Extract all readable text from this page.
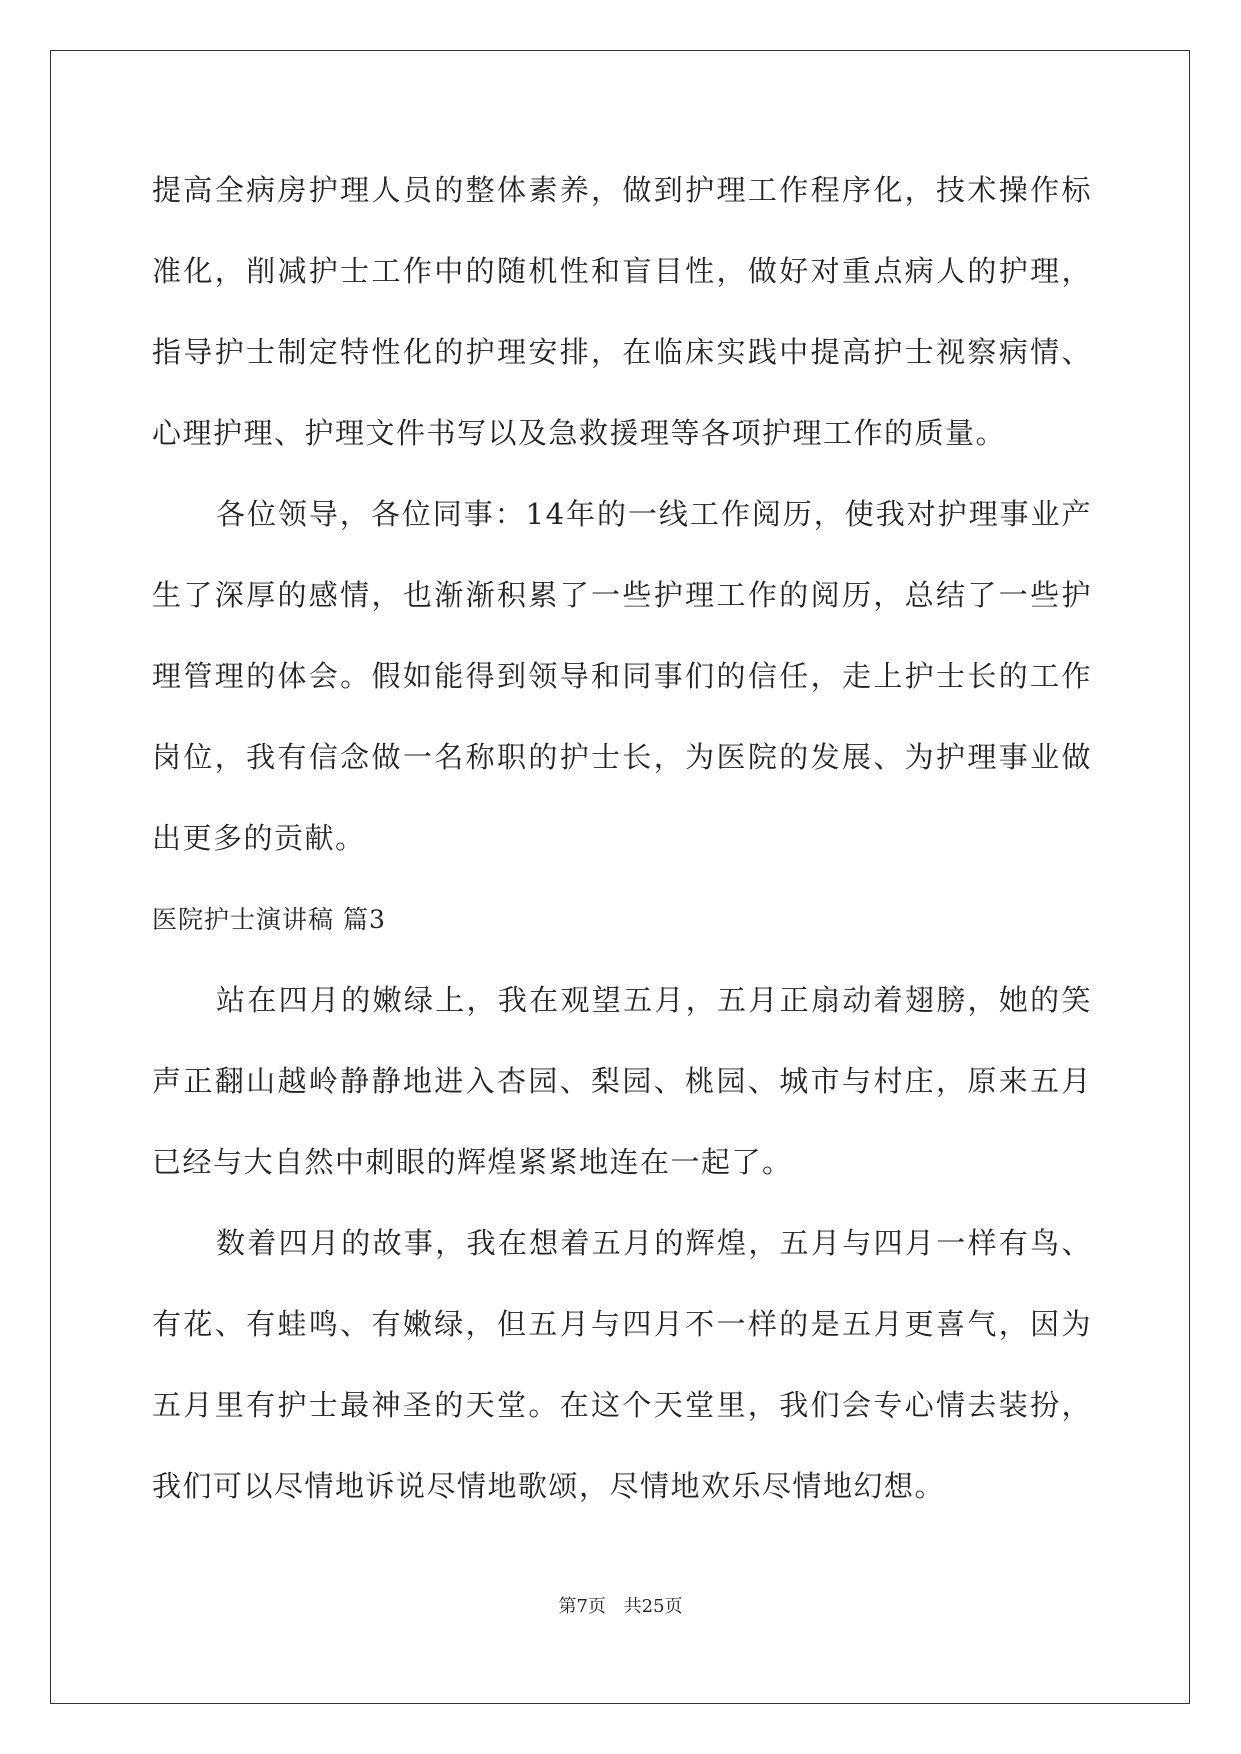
提高全病房护理人员的整体素养，做到护理工作程序化，技术操作标准化，削减护士工作中的随机性和盲目性，做好对重点病人的护理，指导护士制定特性化的护理安排，在临床实践中提高护士视察病情、心理护理、护理文件书写以及急救援理等各项护理工作的质量。

各位领导，各位同事：14年的一线工作阅历，使我对护理事业产生了深厚的感情，也渐渐积累了一些护理工作的阅历，总结了一些护理管理的体会。假如能得到领导和同事们的信任，走上护士长的工作岗位，我有信念做一名称职的护士长，为医院的发展、为护理事业做出更多的贡献。

医院护士演讲稿 篇3

站在四月的嫩绿上，我在观望五月，五月正扇动着翅膀，她的笑声正翻山越岭静静地进入杏园、梨园、桃园、城市与村庄，原来五月已经与大自然中刺眼的辉煌紧紧地连在一起了。

数着四月的故事，我在想着五月的辉煌，五月与四月一样有鸟、有花、有蛙鸣、有嫩绿，但五月与四月不一样的是五月更喜气，因为五月里有护士最神圣的天堂。在这个天堂里，我们会专心情去装扮，我们可以尽情地诉说尽情地歌颂，尽情地欢乐尽情地幻想。

第7页 共25页
